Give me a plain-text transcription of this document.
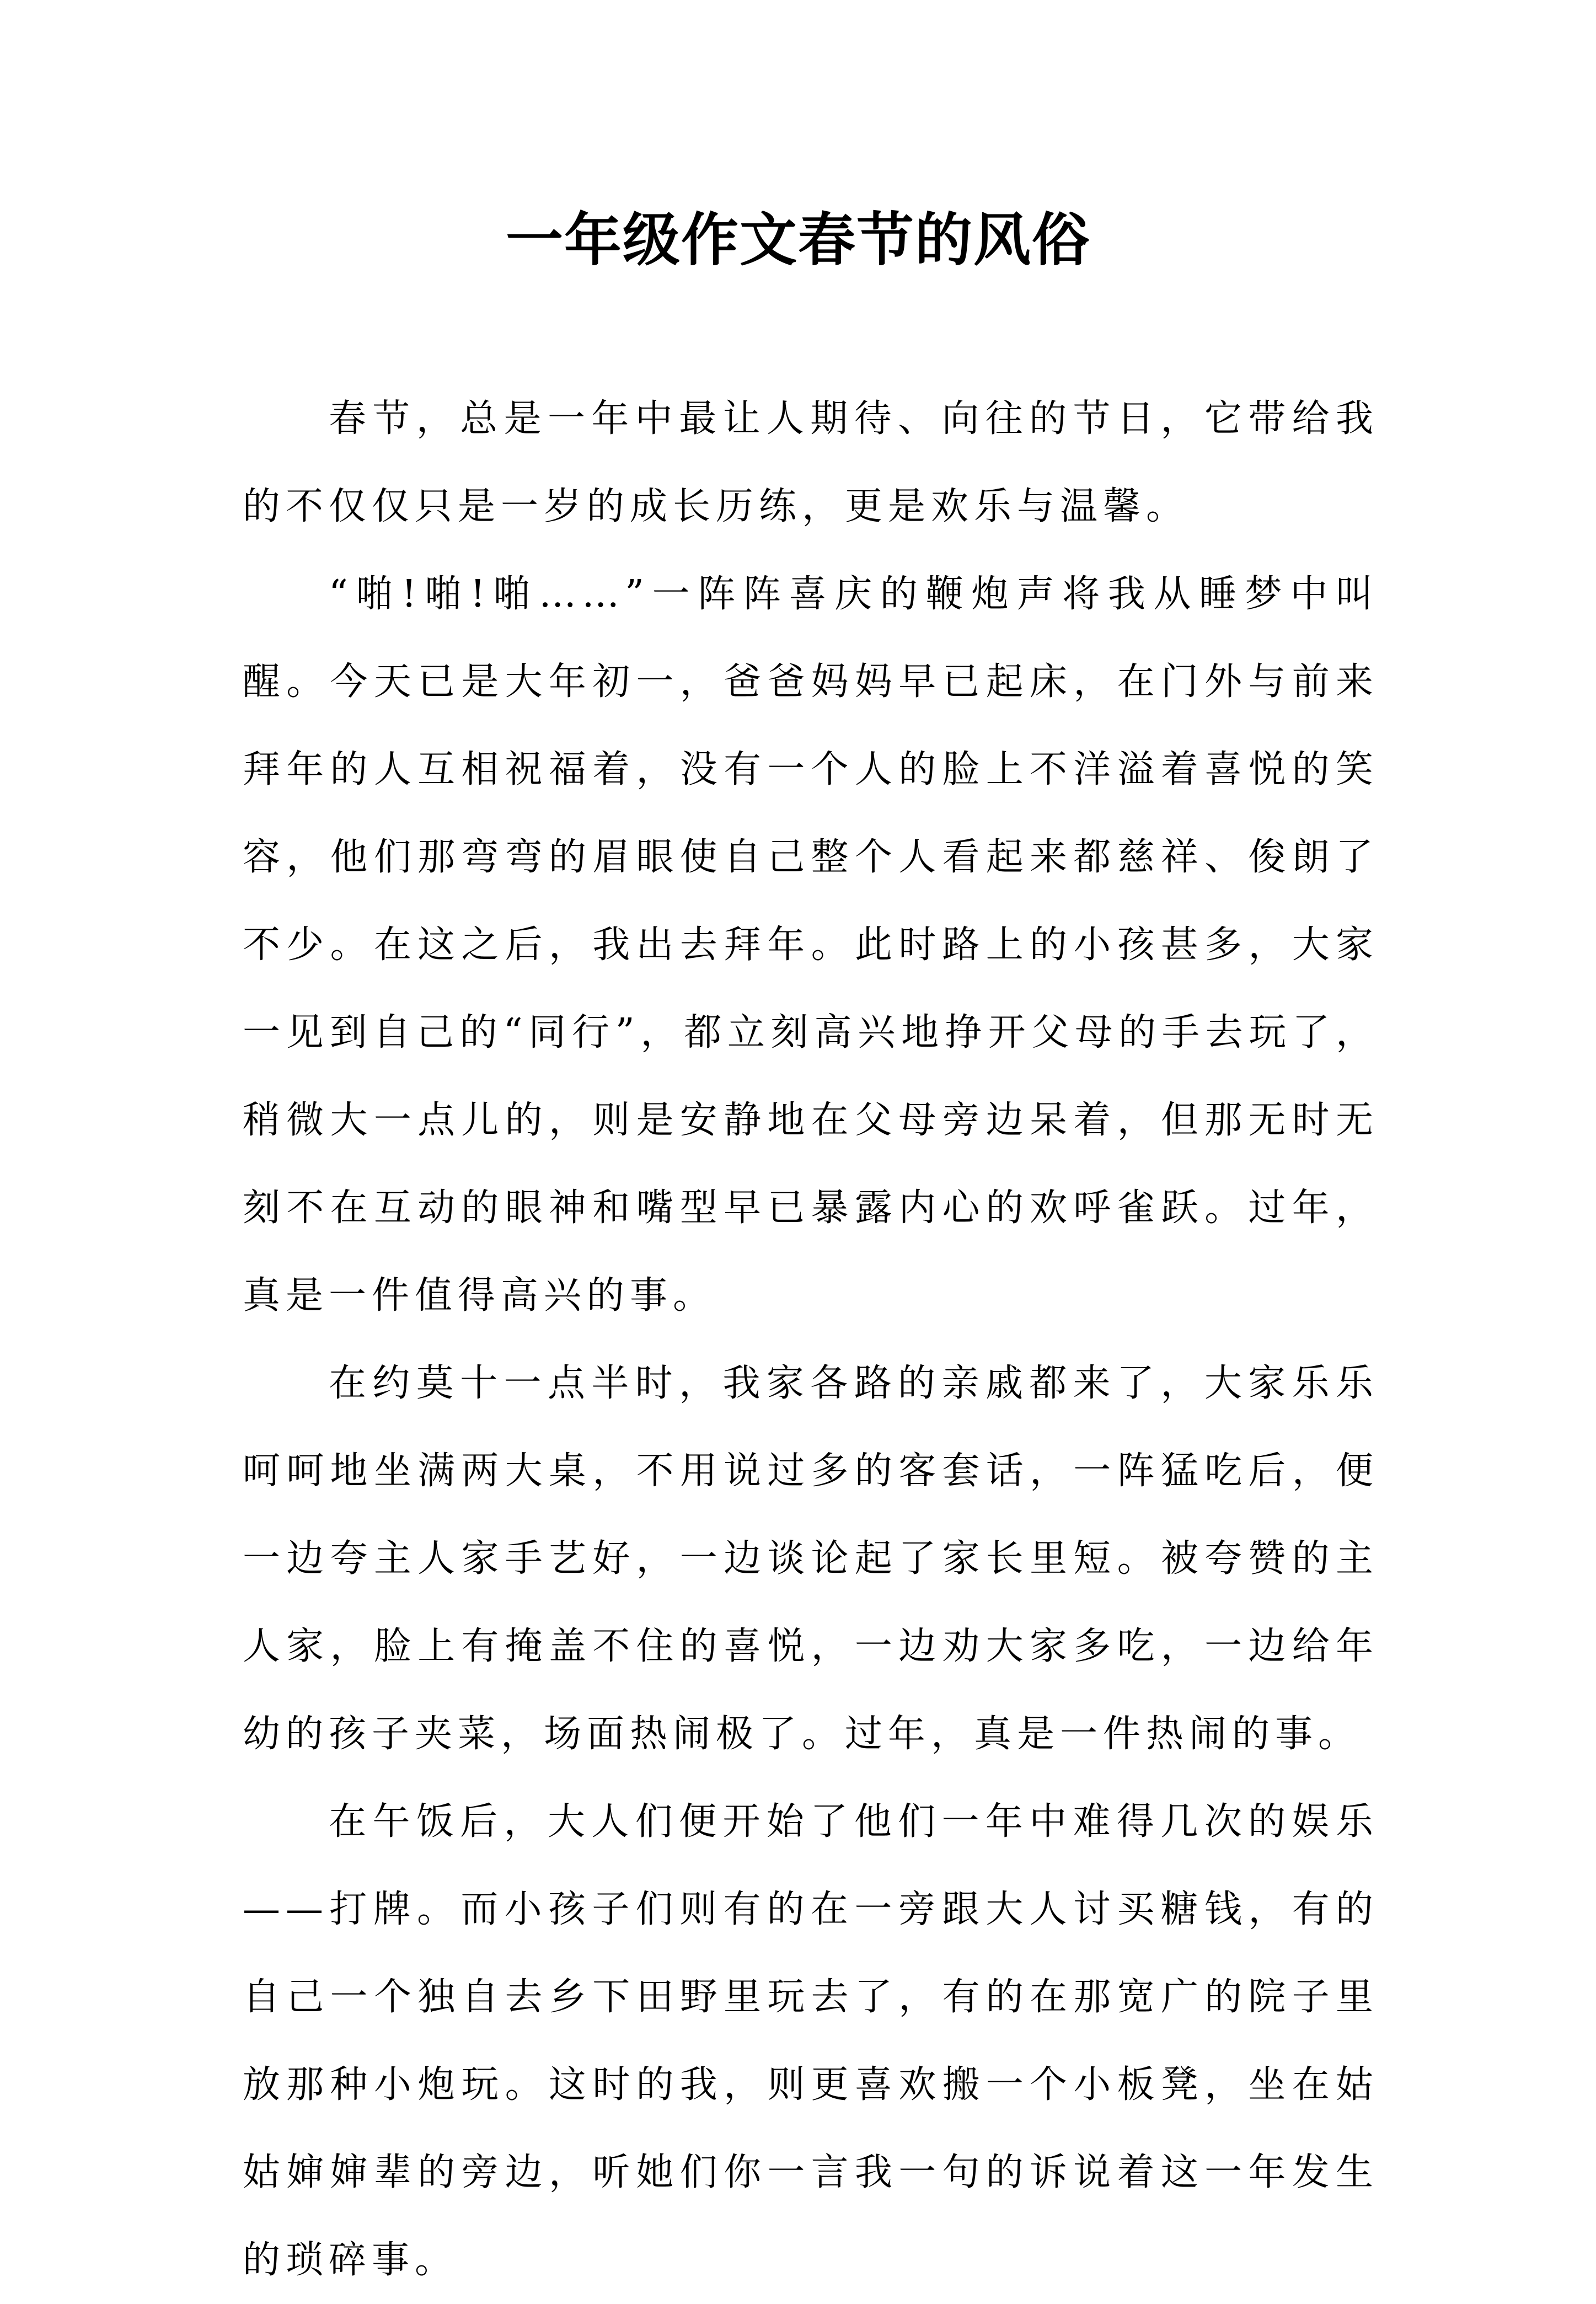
一年级作文春节的风俗

春节，总是一年中最让人期待、向往的节日，它带给我的不仅仅只是一岁的成长历练，更是欢乐与温馨。

“啪!啪!啪……”一阵阵喜庆的鞭炮声将我从睡梦中叫醒。今天已是大年初一，爸爸妈妈早已起床，在门外与前来拜年的人互相祝福着，没有一个人的脸上不洋溢着喜悦的笑容，他们那弯弯的眉眼使自己整个人看起来都慈祥、俊朗了不少。在这之后，我出去拜年。此时路上的小孩甚多，大家一见到自己的“同行”，都立刻高兴地挣开父母的手去玩了，稍微大一点儿的，则是安静地在父母旁边呆着，但那无时无刻不在互动的眼神和嘴型早已暴露内心的欢呼雀跃。过年，真是一件值得高兴的事。

在约莫十一点半时，我家各路的亲戚都来了，大家乐乐呵呵地坐满两大桌，不用说过多的客套话，一阵猛吃后，便一边夸主人家手艺好，一边谈论起了家长里短。被夸赞的主人家，脸上有掩盖不住的喜悦，一边劝大家多吃，一边给年幼的孩子夹菜，场面热闹极了。过年，真是一件热闹的事。

在午饭后，大人们便开始了他们一年中难得几次的娱乐——打牌。而小孩子们则有的在一旁跟大人讨买糖钱，有的自己一个独自去乡下田野里玩去了，有的在那宽广的院子里放那种小炮玩。这时的我，则更喜欢搬一个小板凳，坐在姑姑婶婶辈的旁边，听她们你一言我一句的诉说着这一年发生的琐碎事。
